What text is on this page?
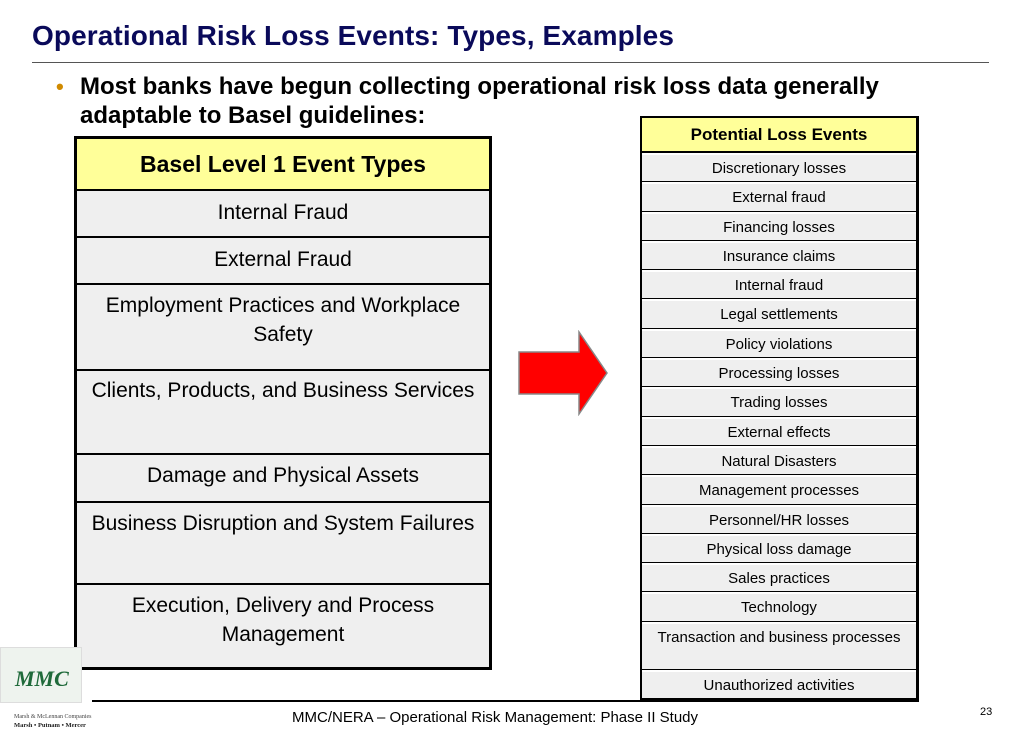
Operational Risk Loss Events: Types, Examples
• Most banks have begun collecting operational risk loss data generally adaptable to Basel guidelines:
Basel Level 1 Event Types
Internal Fraud
External Fraud
Employment Practices and Workplace Safety
Clients, Products, and Business Services
Damage and Physical Assets
Business Disruption and System Failures
Execution, Delivery and Process Management
Potential Loss Events
Discretionary losses
External fraud
Financing losses
Insurance claims
Internal fraud
Legal settlements
Policy violations
Processing losses
Trading losses
External effects
Natural Disasters
Management processes
Personnel/HR losses
Physical loss damage
Sales practices
Technology
Transaction and business processes
Unauthorized activities
MMC/NERA – Operational Risk Management: Phase II Study	23
MMC
Marsh & McLennan Companies
Marsh • Putnam • Mercer
